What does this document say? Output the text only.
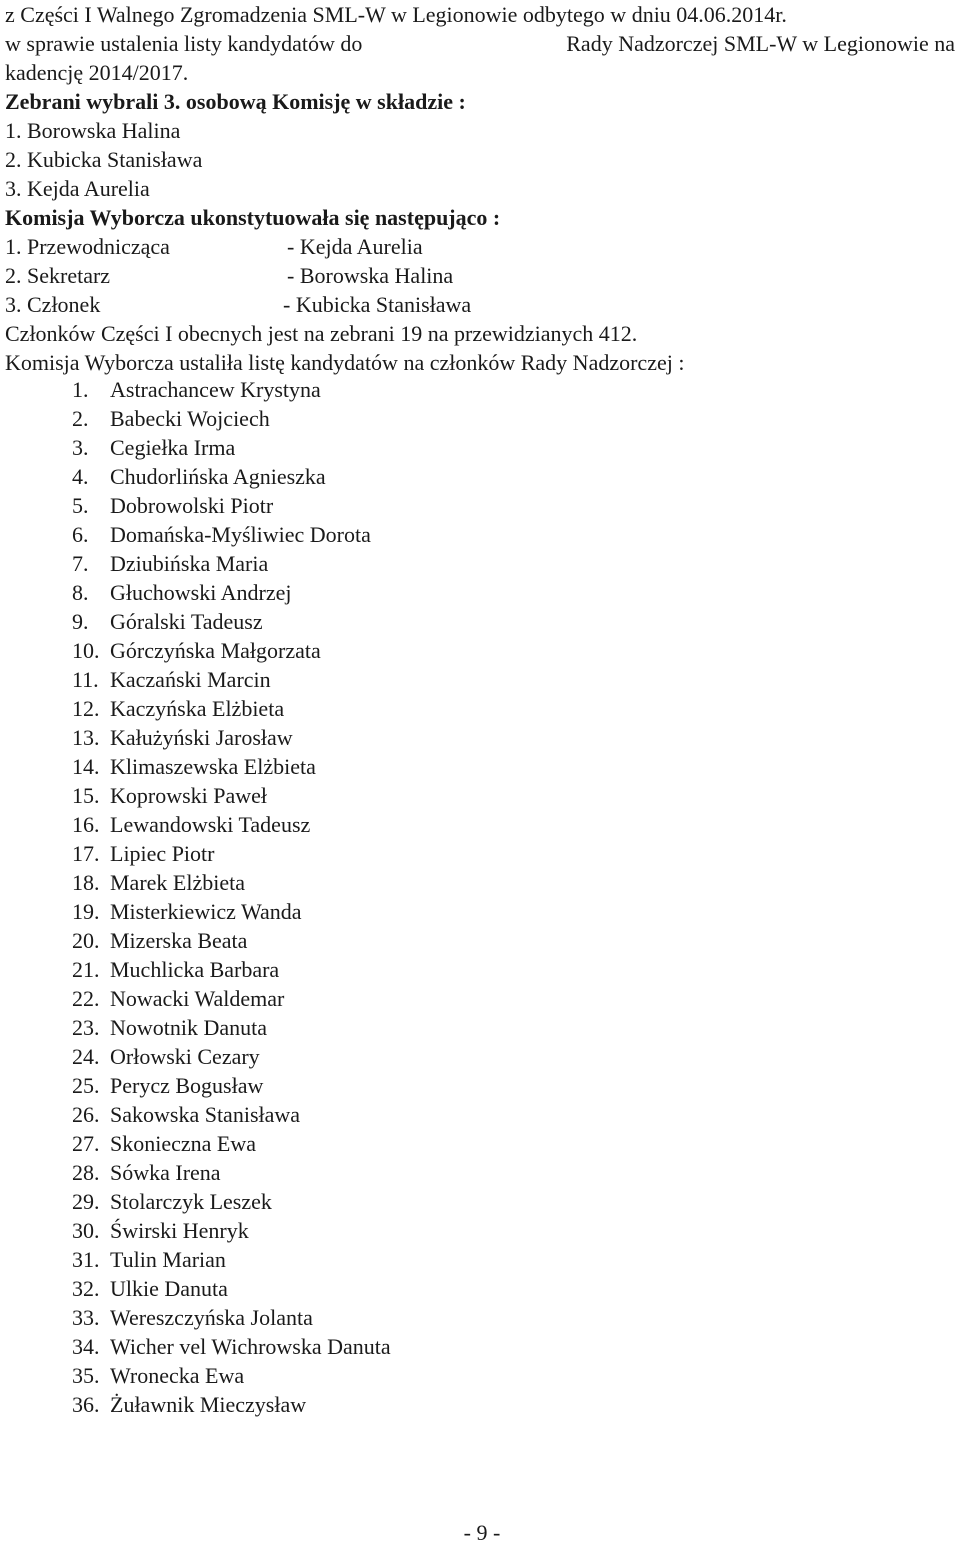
z Części I Walnego Zgromadzenia SML-W w Legionowie odbytego w dniu 04.06.2014r.
w sprawie ustalenia listy kandydatów do	Rady Nadzorczej SML-W w Legionowie na
kadencję 2014/2017.
Zebrani wybrali 3. osobową Komisję w składzie :
1. Borowska Halina
2. Kubicka Stanisława
3. Kejda Aurelia
Komisja Wyborcza ukonstytuowała się następująco :
1. Przewodnicząca	- Kejda Aurelia
2. Sekretarz	- Borowska Halina
3. Członek	- Kubicka Stanisława
Członków Części I obecnych jest na zebrani 19 na przewidzianych 412.
Komisja Wyborcza ustaliła listę kandydatów na członków Rady Nadzorczej :
1. Astrachancew Krystyna
2. Babecki Wojciech
3. Cegiełka Irma
4. Chudorlińska Agnieszka
5. Dobrowolski Piotr
6. Domańska-Myśliwiec Dorota
7. Dziubińska Maria
8. Głuchowski Andrzej
9. Góralski Tadeusz
10. Górczyńska Małgorzata
11. Kaczański Marcin
12. Kaczyńska Elżbieta
13. Kałużyński Jarosław
14. Klimaszewska Elżbieta
15. Koprowski Paweł
16. Lewandowski Tadeusz
17. Lipiec Piotr
18. Marek Elżbieta
19. Misterkiewicz Wanda
20. Mizerska Beata
21. Muchlicka Barbara
22. Nowacki Waldemar
23. Nowotnik Danuta
24. Orłowski Cezary
25. Perycz Bogusław
26. Sakowska Stanisława
27. Skonieczna Ewa
28. Sówka Irena
29. Stolarczyk Leszek
30. Świrski Henryk
31. Tulin Marian
32. Ulkie Danuta
33. Wereszczyńska Jolanta
34. Wicher vel Wichrowska Danuta
35. Wronecka Ewa
36. Żuławnik Mieczysław
- 9 -
